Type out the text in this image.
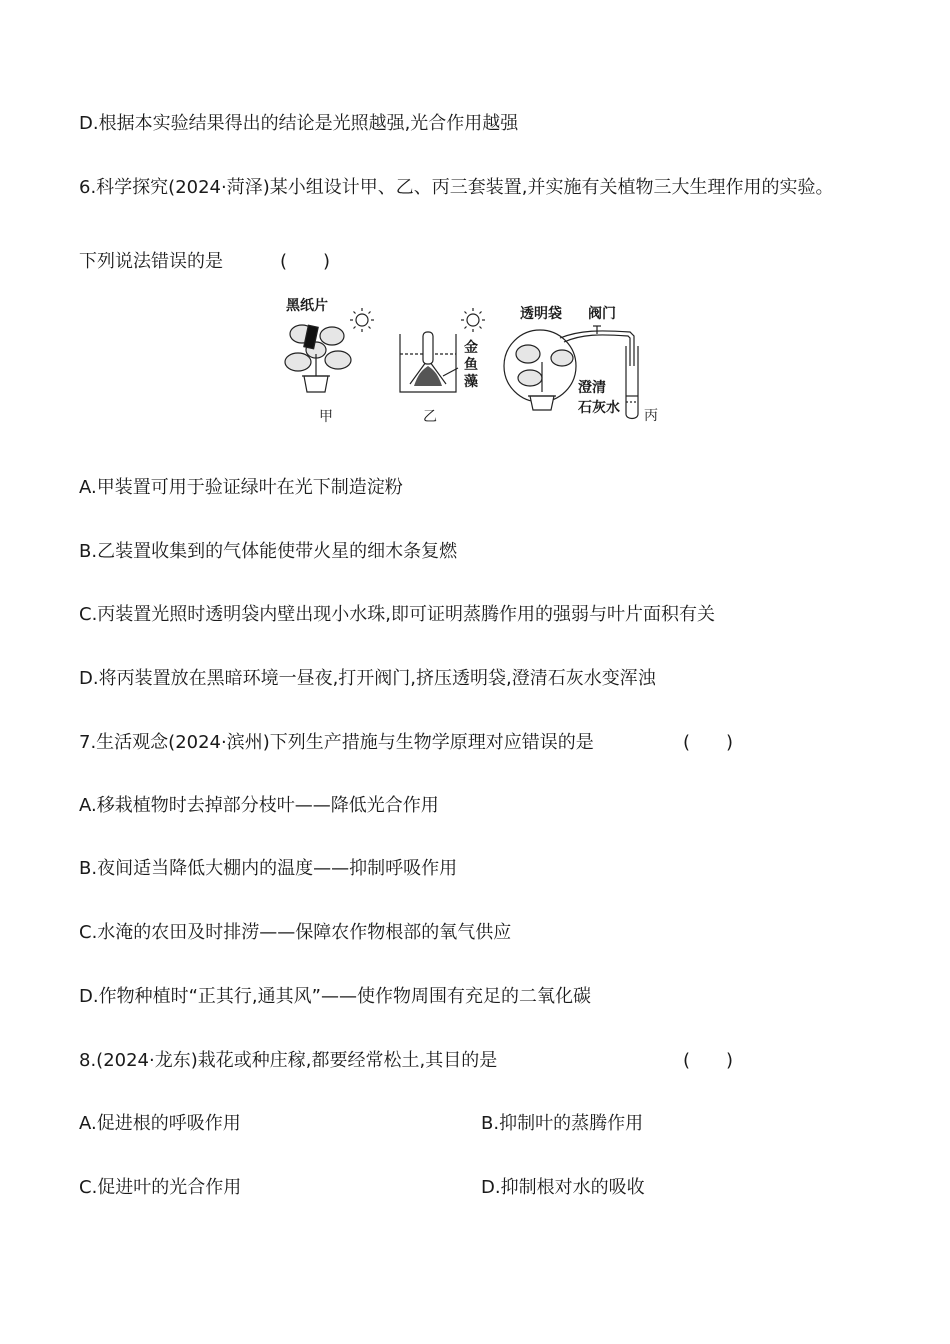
D.根据本实验结果得出的结论是光照越强,光合作用越强
6.科学探究(2024·菏泽)某小组设计甲、乙、丙三套装置,并实施有关植物三大生理作用的实验。
下列说法错误的是	(　　)
黑纸片
甲	乙
金
鱼
藻
透明袋 阀门
澄清
石灰水 丙
A.甲装置可用于验证绿叶在光下制造淀粉
B.乙装置收集到的气体能使带火星的细木条复燃
C.丙装置光照时透明袋内壁出现小水珠,即可证明蒸腾作用的强弱与叶片面积有关
D.将丙装置放在黑暗环境一昼夜,打开阀门,挤压透明袋,澄清石灰水变浑浊
7.生活观念(2024·滨州)下列生产措施与生物学原理对应错误的是	(　　)
A.移栽植物时去掉部分枝叶——降低光合作用
B.夜间适当降低大棚内的温度——抑制呼吸作用
C.水淹的农田及时排涝——保障农作物根部的氧气供应
D.作物种植时“正其行,通其风”——使作物周围有充足的二氧化碳
8.(2024·龙东)栽花或种庄稼,都要经常松土,其目的是	(　　)
A.促进根的呼吸作用	B.抑制叶的蒸腾作用
C.促进叶的光合作用	D.抑制根对水的吸收
